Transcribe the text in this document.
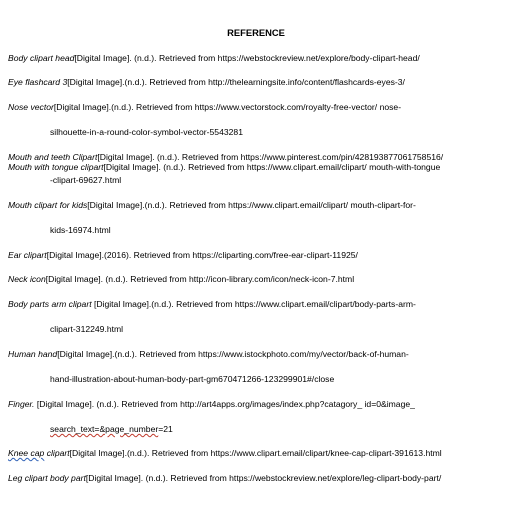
REFERENCE
Body clipart head[Digital Image]. (n.d.). Retrieved from https://webstockreview.net/explore/body-clipart-head/
Eye flashcard 3[Digital Image].(n.d.). Retrieved from http://thelearningsite.info/content/flashcards-eyes-3/
Nose vector[Digital Image].(n.d.). Retrieved from https://www.vectorstock.com/royalty-free-vector/ nose-
silhouette-in-a-round-color-symbol-vector-5543281
Mouth and teeth Clipart[Digital Image]. (n.d.). Retrieved from https://www.pinterest.com/pin/428193877061758516/
Mouth with tongue clipart[Digital Image]. (n.d.). Retrieved from https://www.clipart.email/clipart/ mouth-with-tongue
-clipart-69627.html
Mouth clipart for kids[Digital Image].(n.d.). Retrieved from https://www.clipart.email/clipart/ mouth-clipart-for-
kids-16974.html
Ear clipart[Digital Image].(2016). Retrieved from https://cliparting.com/free-ear-clipart-11925/
Neck icon[Digital Image]. (n.d.). Retrieved from http://icon-library.com/icon/neck-icon-7.html
Body parts arm clipart [Digital Image].(n.d.). Retrieved from https://www.clipart.email/clipart/body-parts-arm-
clipart-312249.html
Human hand[Digital Image].(n.d.). Retrieved from https://www.istockphoto.com/my/vector/back-of-human-
hand-illustration-about-human-body-part-gm670471266-123299901#/close
Finger. [Digital Image]. (n.d.). Retrieved from http://art4apps.org/images/index.php?catagory_ id=0&image_
search_text=&page_number=21
Knee cap clipart[Digital Image].(n.d.). Retrieved from https://www.clipart.email/clipart/knee-cap-clipart-391613.html
Leg clipart body part[Digital Image]. (n.d.). Retrieved from https://webstockreview.net/explore/leg-clipart-body-part/
